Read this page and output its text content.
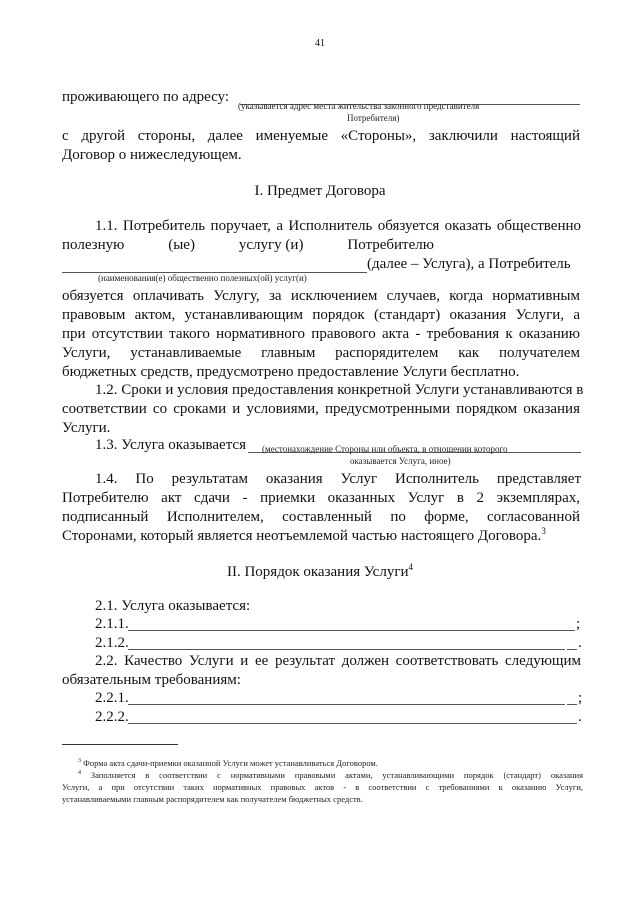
41
проживающего по адресу:
(указывается адрес места жительства законного представителя
Потребителя)
с другой стороны, далее именуемые «Стороны», заключили настоящий
Договор о нижеследующем.
I. Предмет Договора
1.1. Потребитель поручает, а Исполнитель обязуется оказать общественно
полезную	(ые)	услугу (и)	Потребителю
(далее – Услуга), а Потребитель
(наименования(е) общественно полезных(ой) услуг(и)
обязуется оплачивать Услугу, за исключением случаев, когда нормативным
правовым актом, устанавливающим порядок (стандарт) оказания Услуги, а
при отсутствии такого нормативного правового акта - требования к оказанию
Услуги, устанавливаемые главным распорядителем как получателем
бюджетных средств, предусмотрено предоставление Услуги бесплатно.
1.2. Сроки и условия предоставления конкретной Услуги устанавливаются в
соответствии со сроками и условиями, предусмотренными порядком оказания
Услуги.
1.3. Услуга оказывается (местонахождение Стороны или объекта, в отношении которого
оказывается Услуга, иное)
1.4. По результатам оказания Услуг Исполнитель представляет
Потребителю акт сдачи - приемки оказанных Услуг в 2 экземплярах,
подписанный Исполнителем, составленный по форме, согласованной
Сторонами, который является неотъемлемой частью настоящего Договора.$^3$
II. Порядок оказания Услуги$^4$
2.1. Услуга оказывается:
2.1.1.	;
2.1.2.	.
2.2. Качество Услуги и ее результат должен соответствовать следующим
обязательным требованиям:
2.2.1.	;
2.2.2.	.
$^3$ Форма акта сдачи-приемки оказанной Услуги может устанавливаться Договором.
$^4$ Заполняется в соответствии с нормативными правовыми актами, устанавливающими порядок (стандарт) оказания
Услуги, а при отсутствии таких нормативных правовых актов - в соответствии с требованиями к оказанию Услуги,
устанавливаемыми главным распорядителем как получателем бюджетных средств.
